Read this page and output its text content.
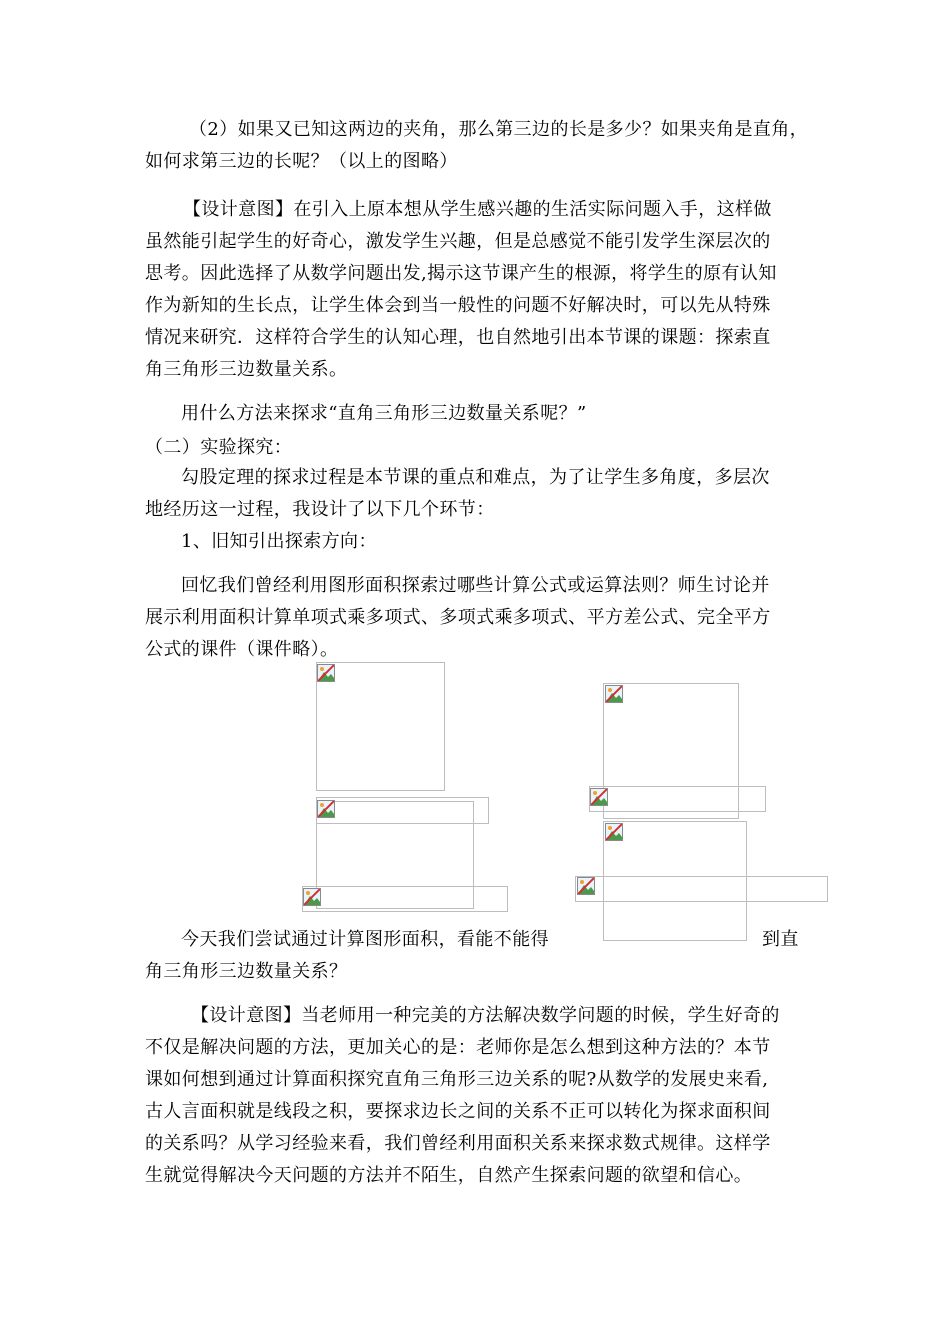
（2）如果又已知这两边的夹角，那么第三边的长是多少？如果夹角是直角，
如何求第三边的长呢？（以上的图略）
【设计意图】在引入上原本想从学生感兴趣的生活实际问题入手，这样做
虽然能引起学生的好奇心，激发学生兴趣，但是总感觉不能引发学生深层次的
思考。因此选择了从数学问题出发,揭示这节课产生的根源，将学生的原有认知
作为新知的生长点，让学生体会到当一般性的问题不好解决时，可以先从特殊
情况来研究．这样符合学生的认知心理，也自然地引出本节课的课题：探索直
角三角形三边数量关系。
用什么方法来探求“直角三角形三边数量关系呢？”
（二）实验探究：
勾股定理的探求过程是本节课的重点和难点，为了让学生多角度，多层次
地经历这一过程，我设计了以下几个环节：
1、旧知引出探索方向：
回忆我们曾经利用图形面积探索过哪些计算公式或运算法则？师生讨论并
展示利用面积计算单项式乘多项式、多项式乘多项式、平方差公式、完全平方
公式的课件（课件略）。
今天我们尝试通过计算图形面积，看能不能得	到直
角三角形三边数量关系？
【设计意图】当老师用一种完美的方法解决数学问题的时候，学生好奇的
不仅是解决问题的方法，更加关心的是：老师你是怎么想到这种方法的？本节
课如何想到通过计算面积探究直角三角形三边关系的呢?从数学的发展史来看,
古人言面积就是线段之积，要探求边长之间的关系不正可以转化为探求面积间
的关系吗？从学习经验来看，我们曾经利用面积关系来探求数式规律。这样学
生就觉得解决今天问题的方法并不陌生，自然产生探索问题的欲望和信心。
